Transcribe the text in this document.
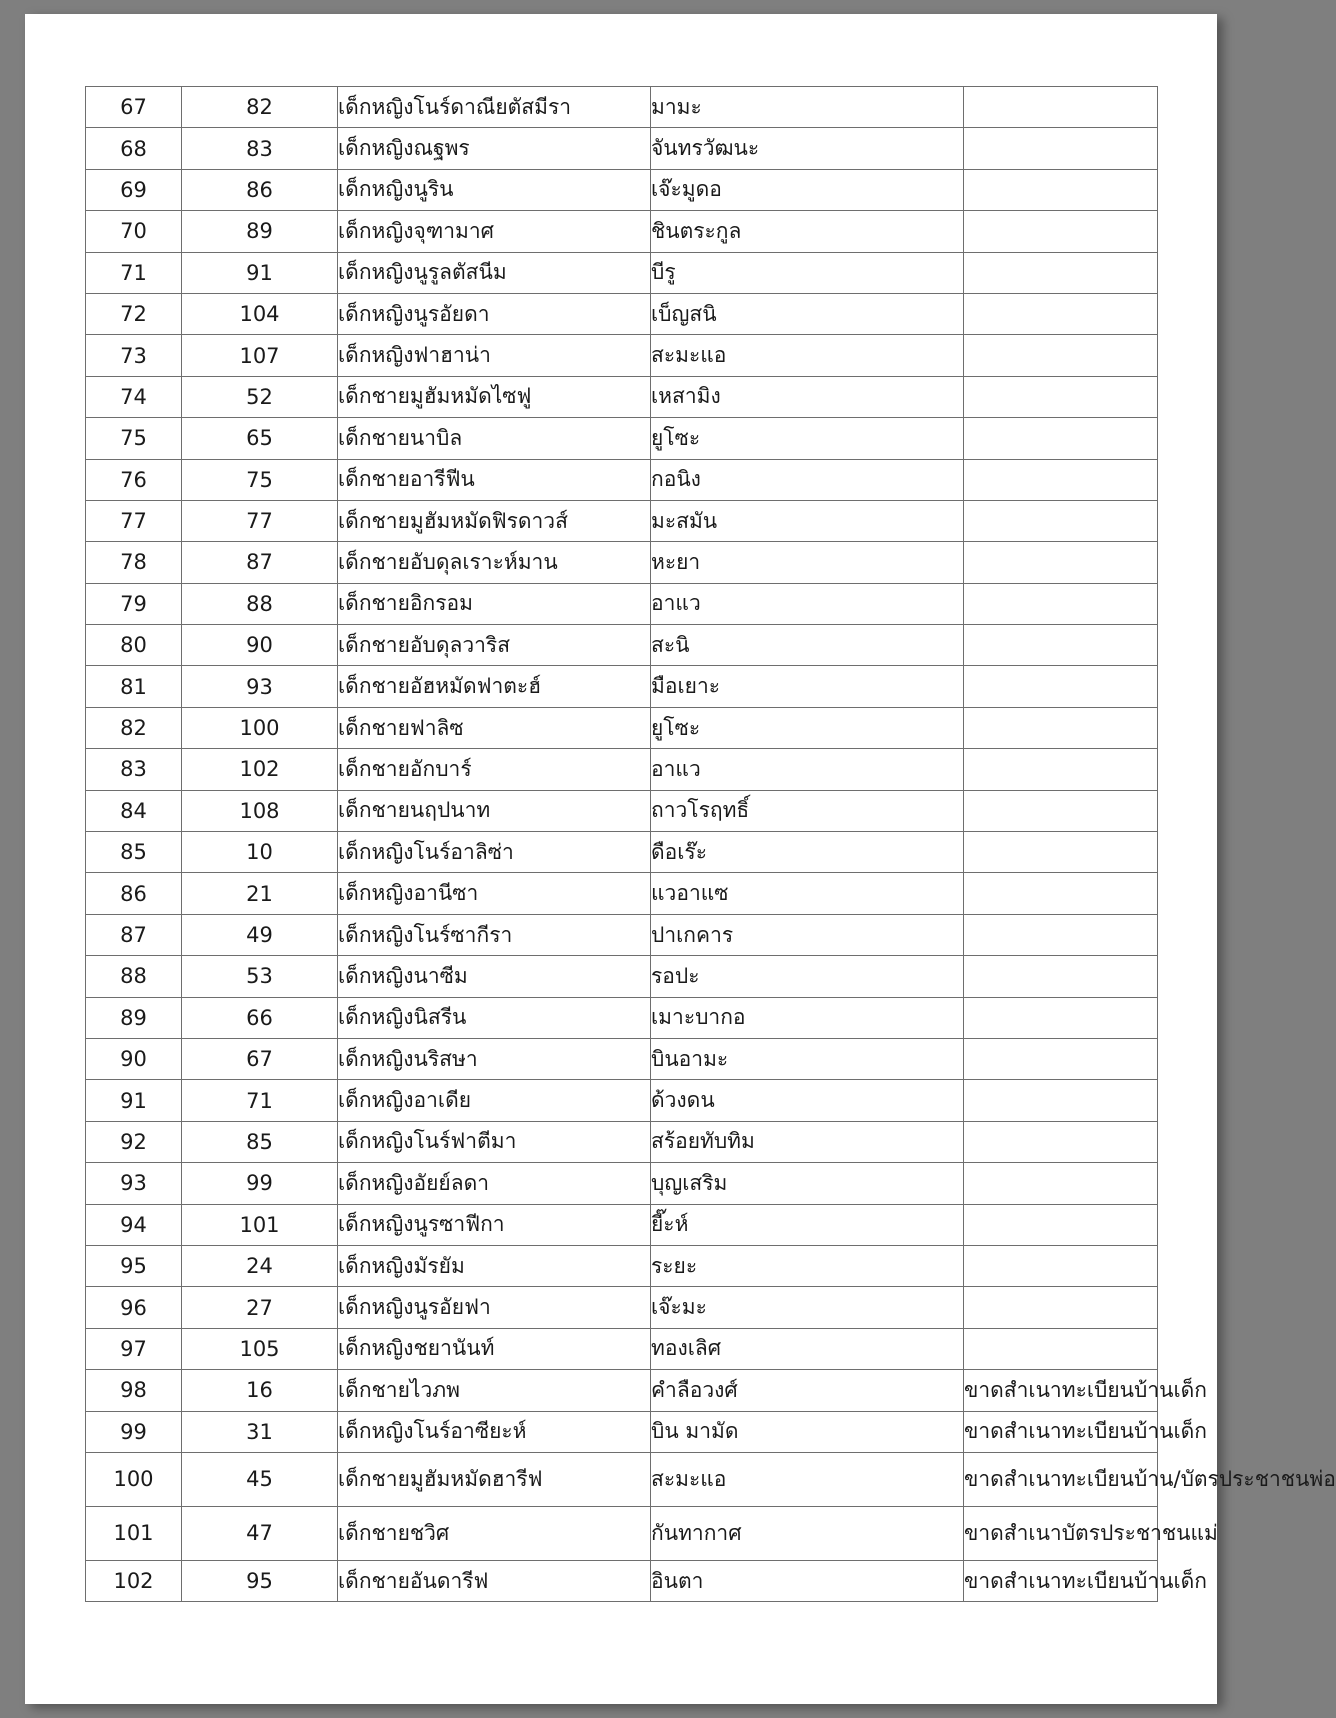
67	82	เด็กหญิงโนร์ดาณียตัสมีรา	มามะ	
68	83	เด็กหญิงณฐพร	จันทรวัฒนะ	
69	86	เด็กหญิงนูริน	เจ๊ะมูดอ	
70	89	เด็กหญิงจุฑามาศ	ชินตระกูล	
71	91	เด็กหญิงนูรูลตัสนีม	บีรู	
72	104	เด็กหญิงนูรอัยดา	เบ็ญสนิ	
73	107	เด็กหญิงฟาฮาน่า	สะมะแอ	
74	52	เด็กชายมูฮัมหมัดไซฟู	เหสามิง	
75	65	เด็กชายนาบิล	ยูโซะ	
76	75	เด็กชายอารีฟีน	กอนิง	
77	77	เด็กชายมูฮัมหมัดฟิรดาวส์	มะสมัน	
78	87	เด็กชายอับดุลเราะห์มาน	หะยา	
79	88	เด็กชายอิกรอม	อาแว	
80	90	เด็กชายอับดุลวาริส	สะนิ	
81	93	เด็กชายอัฮหมัดฟาตะฮ์	มือเยาะ	
82	100	เด็กชายฟาลิซ	ยูโซะ	
83	102	เด็กชายอักบาร์	อาแว	
84	108	เด็กชายนฤปนาท	ถาวโรฤทธิ์	
85	10	เด็กหญิงโนร์อาลิซ่า	ดือเร๊ะ	
86	21	เด็กหญิงอานีซา	แวอาแซ	
87	49	เด็กหญิงโนร์ซากีรา	ปาเกคาร	
88	53	เด็กหญิงนาซีม	รอปะ	
89	66	เด็กหญิงนิสรีน	เมาะบากอ	
90	67	เด็กหญิงนริสษา	บินอามะ	
91	71	เด็กหญิงอาเดีย	ด้วงดน	
92	85	เด็กหญิงโนร์ฟาตีมา	สร้อยทับทิม	
93	99	เด็กหญิงอัยย์ลดา	บุญเสริม	
94	101	เด็กหญิงนูรซาฟีกา	ยี๊ะห์	
95	24	เด็กหญิงมัรยัม	ระยะ	
96	27	เด็กหญิงนูรอัยฟา	เจ๊ะมะ	
97	105	เด็กหญิงชยานันท์	ทองเลิศ	
98	16	เด็กชายไวภพ	คำลือวงศ์	ขาดสำเนาทะเบียนบ้านเด็ก
99	31	เด็กหญิงโนร์อาซียะห์	บิน มามัด	ขาดสำเนาทะเบียนบ้านเด็ก
100	45	เด็กชายมูฮัมหมัดฮารีฟ	สะมะแอ	ขาดสำเนาทะเบียนบ้าน/บัตรประชาชนพ่อ
101	47	เด็กชายชวิศ	กันทากาศ	ขาดสำเนาบัตรประชาชนแม่
102	95	เด็กชายอันดารีฟ	อินตา	ขาดสำเนาทะเบียนบ้านเด็ก
